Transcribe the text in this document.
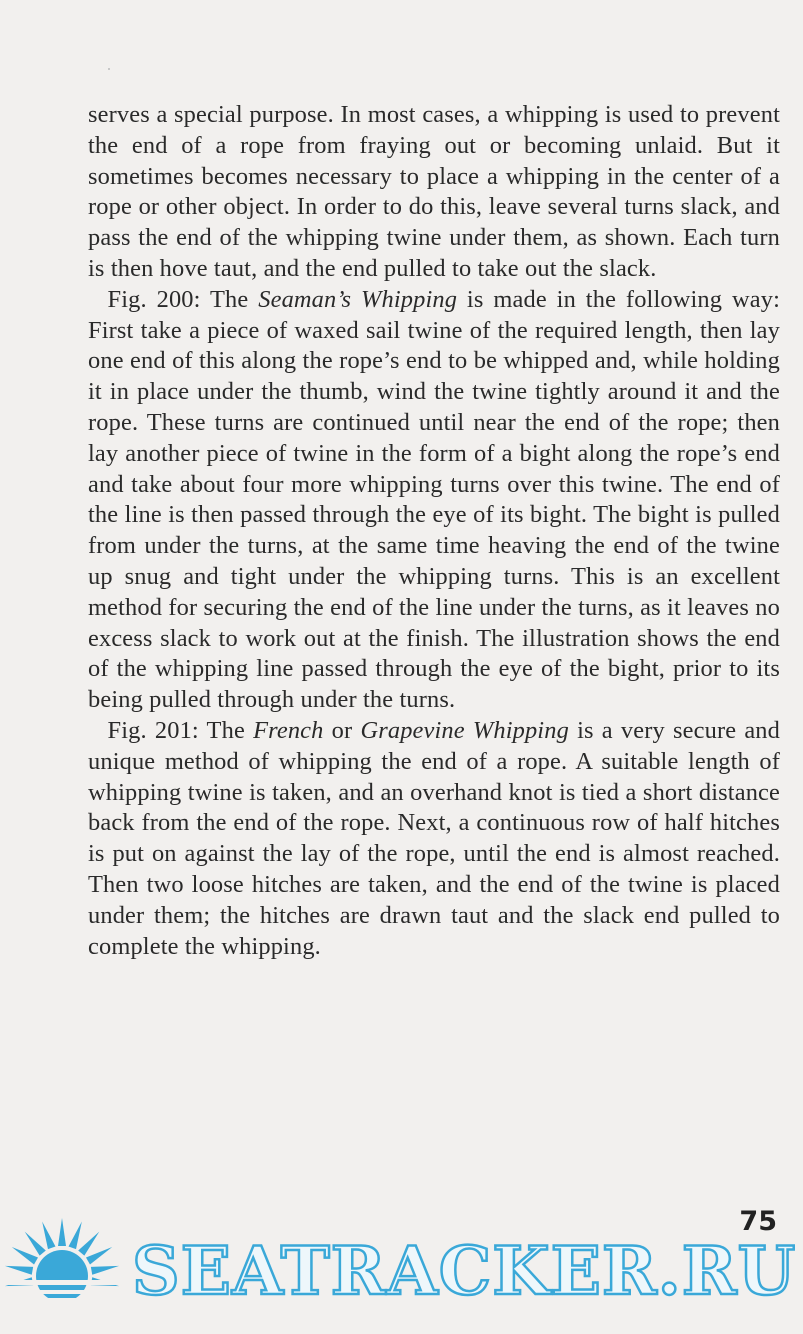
serves a special purpose. In most cases, a whipping is used to prevent the end of a rope from fraying out or becoming unlaid. But it sometimes becomes necessary to place a whipping in the center of a rope or other object. In order to do this, leave several turns slack, and pass the end of the whipping twine under them, as shown. Each turn is then hove taut, and the end pulled to take out the slack.

Fig. 200: The Seaman’s Whipping is made in the following way: First take a piece of waxed sail twine of the required length, then lay one end of this along the rope’s end to be whipped and, while holding it in place under the thumb, wind the twine tightly around it and the rope. These turns are continued until near the end of the rope; then lay another piece of twine in the form of a bight along the rope’s end and take about four more whipping turns over this twine. The end of the line is then passed through the eye of its bight. The bight is pulled from under the turns, at the same time heaving the end of the twine up snug and tight under the whipping turns. This is an excellent method for securing the end of the line under the turns, as it leaves no excess slack to work out at the finish. The illustration shows the end of the whipping line passed through the eye of the bight, prior to its being pulled through under the turns.

Fig. 201: The French or Grapevine Whipping is a very secure and unique method of whipping the end of a rope. A suitable length of whipping twine is taken, and an overhand knot is tied a short distance back from the end of the rope. Next, a continuous row of half hitches is put on against the lay of the rope, until the end is almost reached. Then two loose hitches are taken, and the end of the twine is placed under them; the hitches are drawn taut and the slack end pulled to complete the whipping.

75
SEATRACKER.RU
